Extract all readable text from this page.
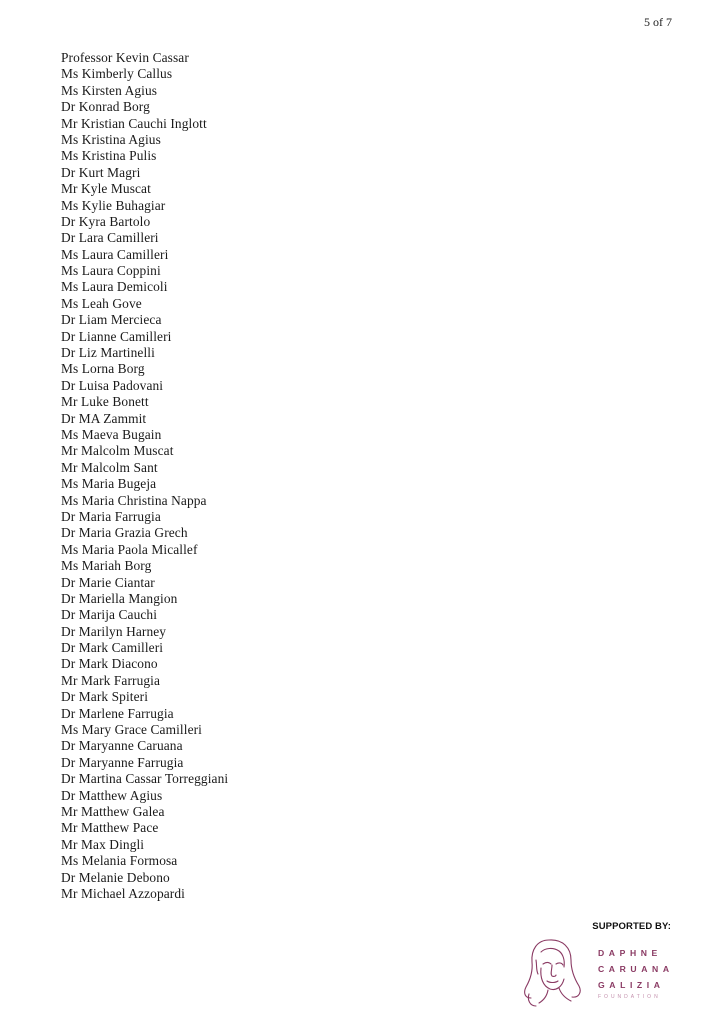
5 of 7
Professor Kevin Cassar
Ms Kimberly Callus
Ms Kirsten Agius
Dr Konrad Borg
Mr Kristian Cauchi Inglott
Ms Kristina Agius
Ms Kristina Pulis
Dr Kurt Magri
Mr Kyle Muscat
Ms Kylie Buhagiar
Dr Kyra Bartolo
Dr Lara Camilleri
Ms Laura Camilleri
Ms Laura Coppini
Ms Laura Demicoli
Ms Leah Gove
Dr Liam Mercieca
Dr Lianne Camilleri
Dr Liz Martinelli
Ms Lorna Borg
Dr Luisa Padovani
Mr Luke Bonett
Dr MA Zammit
Ms Maeva Bugain
Mr Malcolm Muscat
Mr Malcolm Sant
Ms Maria Bugeja
Ms Maria Christina Nappa
Dr Maria Farrugia
Dr Maria Grazia Grech
Ms Maria Paola Micallef
Ms Mariah Borg
Dr Marie Ciantar
Dr Mariella Mangion
Dr Marija Cauchi
Dr Marilyn Harney
Dr Mark Camilleri
Dr Mark Diacono
Mr Mark Farrugia
Dr Mark Spiteri
Dr Marlene Farrugia
Ms Mary Grace Camilleri
Dr Maryanne Caruana
Dr Maryanne Farrugia
Dr Martina Cassar Torreggiani
Dr Matthew Agius
Mr Matthew Galea
Mr Matthew Pace
Mr Max Dingli
Ms Melania Formosa
Dr Melanie Debono
Mr Michael Azzopardi
SUPPORTED BY:
DAPHNE
CARUANA
GALIZIA
FOUNDATION
